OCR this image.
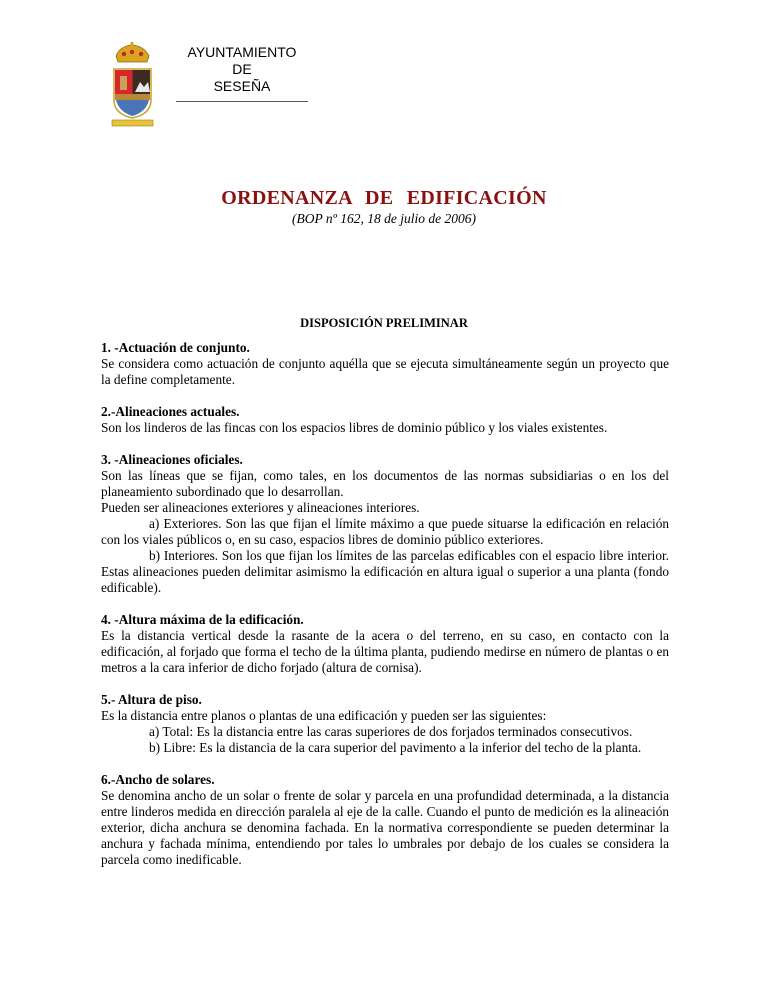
AYUNTAMIENTO
DE
SESEÑA
ORDENANZA DE EDIFICACIÓN
(BOP nº 162, 18 de julio de 2006)
DISPOSICIÓN PRELIMINAR
1. -Actuación de conjunto.
Se considera como actuación de conjunto aquélla que se ejecuta simultáneamente según un proyecto que la define completamente.
2.-Alineaciones actuales.
Son los linderos de las fincas con los espacios libres de dominio público y los viales existentes.
3. -Alineaciones oficiales.
Son las líneas que se fijan, como tales, en los documentos de las normas subsidiarias o en los del planeamiento subordinado que lo desarrollan.
Pueden ser alineaciones exteriores y alineaciones interiores.
a) Exteriores. Son las que fijan el límite máximo a que puede situarse la edificación en relación con los viales públicos o, en su caso, espacios libres de dominio público exteriores.
b) Interiores. Son los que fijan los límites de las parcelas edificables con el espacio libre interior. Estas alineaciones pueden delimitar asimismo la edificación en altura igual o superior a una planta (fondo edificable).
4. -Altura máxima de la edificación.
Es la distancia vertical desde la rasante de la acera o del terreno, en su caso, en contacto con la edificación, al forjado que forma el techo de la última planta, pudiendo medirse en número de plantas o en metros a la cara inferior de dicho forjado (altura de cornisa).
5.- Altura de piso.
Es la distancia entre planos o plantas de una edificación y pueden ser las siguientes:
a) Total: Es la distancia entre las caras superiores de dos forjados terminados consecutivos.
b) Libre: Es la distancia de la cara superior del pavimento a la inferior del techo de la planta.
6.-Ancho de solares.
Se denomina ancho de un solar o frente de solar y parcela en una profundidad determinada, a la distancia entre linderos medida en dirección paralela al eje de la calle. Cuando el punto de medición es la alineación exterior, dicha anchura se denomina fachada. En la normativa correspondiente se pueden determinar la anchura y fachada mínima, entendiendo por tales lo umbrales por debajo de los cuales se considera la parcela como inedificable.
